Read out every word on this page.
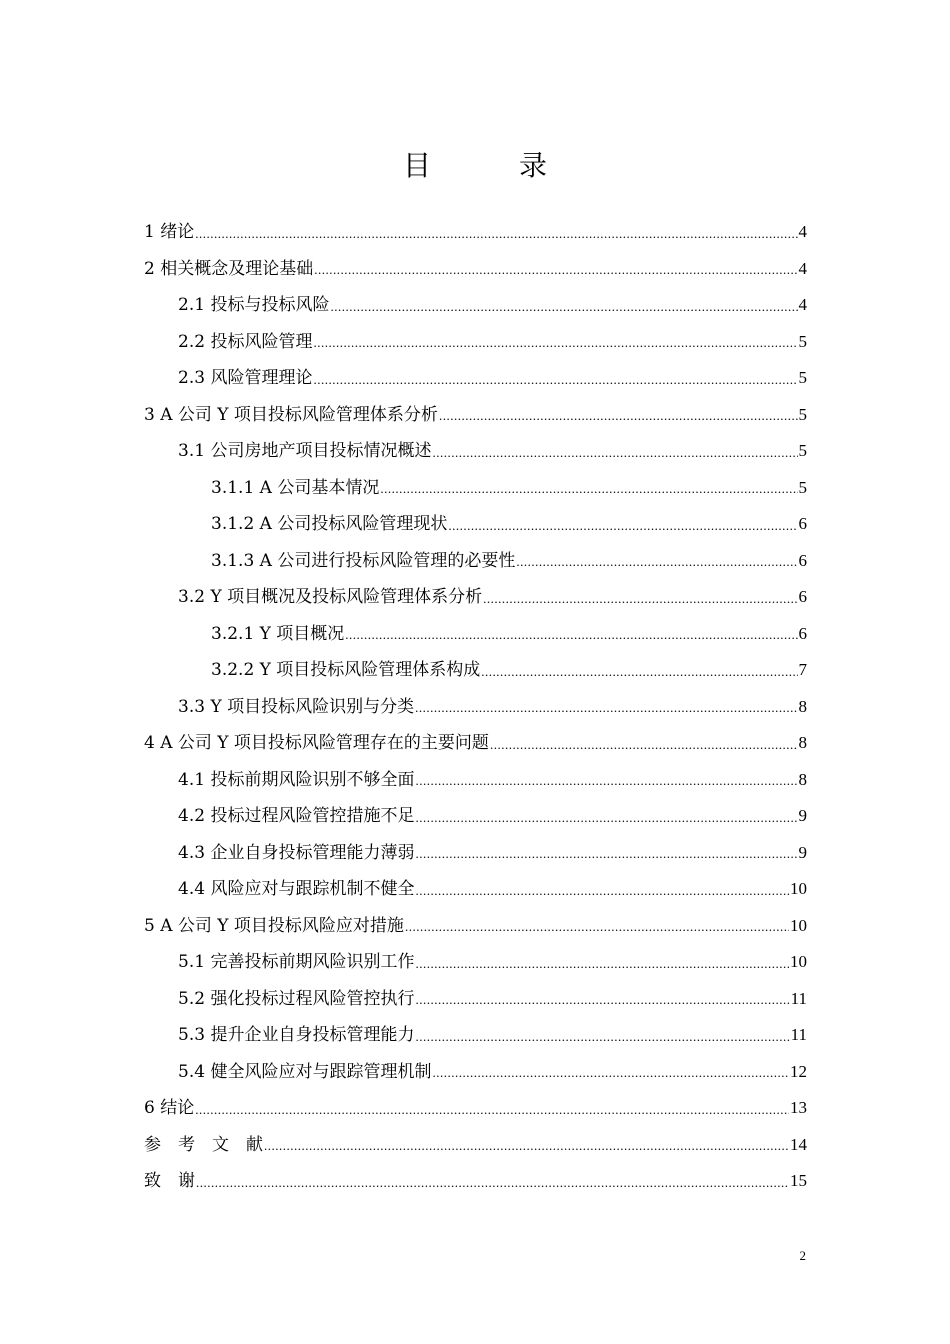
目　录
1 绪论 .....	4
2 相关概念及理论基础 .....	4
2.1 投标与投标风险 .....	4
2.2 投标风险管理 .....	5
2.3 风险管理理论 .....	5
3 A 公司 Y 项目投标风险管理体系分析 .....	5
3.1 公司房地产项目投标情况概述 .....	5
3.1.1 A 公司基本情况 .....	5
3.1.2 A 公司投标风险管理现状 .....	6
3.1.3 A 公司进行投标风险管理的必要性 .....	6
3.2 Y 项目概况及投标风险管理体系分析 .....	6
3.2.1 Y 项目概况 .....	6
3.2.2 Y 项目投标风险管理体系构成 .....	7
3.3 Y 项目投标风险识别与分类 .....	8
4 A 公司 Y 项目投标风险管理存在的主要问题 .....	8
4.1 投标前期风险识别不够全面 .....	8
4.2 投标过程风险管控措施不足 .....	9
4.3 企业自身投标管理能力薄弱 .....	9
4.4 风险应对与跟踪机制不健全 .....	10
5 A 公司 Y 项目投标风险应对措施 .....	10
5.1 完善投标前期风险识别工作 .....	10
5.2 强化投标过程风险管控执行 .....	11
5.3 提升企业自身投标管理能力 .....	11
5.4 健全风险应对与跟踪管理机制 .....	12
6 结论 .....	13
参　考　文　献 .....	14
致　谢 .....	15
2
